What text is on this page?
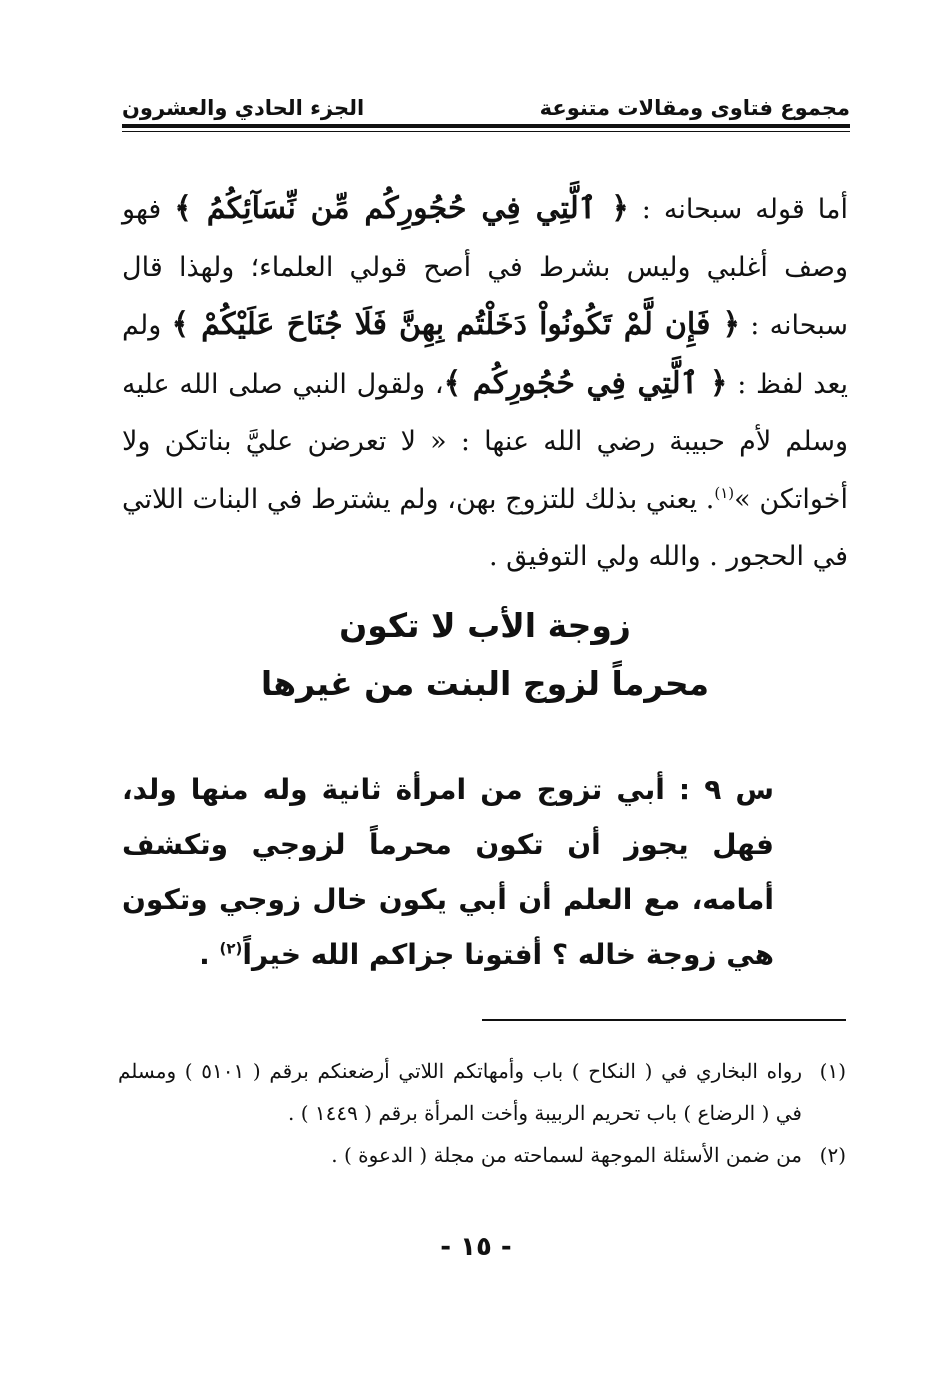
مجموع فتاوى ومقالات متنوعة
الجزء الحادي والعشرون

أما قوله سبحانه : ﴿ ٱلَّتِي فِي حُجُورِكُم مِّن نِّسَآئِكُمُ ﴾ فهو وصف أغلبي وليس بشرط في أصح قولي العلماء؛ ولهذا قال سبحانه : ﴿ فَإِن لَّمْ تَكُونُواْ دَخَلْتُم بِهِنَّ فَلَا جُنَاحَ عَلَيْكُمْ ﴾ ولم يعد لفظ : ﴿ ٱلَّتِي فِي حُجُورِكُم ﴾، ولقول النبي صلى الله عليه وسلم لأم حبيبة رضي الله عنها : « لا تعرضن عليَّ بناتكن ولا أخواتكن »$^{(١)}$. يعني بذلك للتزوج بهن، ولم يشترط في البنات اللاتي في الحجور . والله ولي التوفيق .

زوجة الأب لا تكون
محرماً لزوج البنت من غيرها

س ٩ : أبي تزوج من امرأة ثانية وله منها ولد، فهل يجوز أن تكون محرماً لزوجي وتكشف أمامه، مع العلم أن أبي يكون خال زوجي وتكون هي زوجة خاله ؟ أفتونا جزاكم الله خيراً$^{(٢)}$ .

(١)
رواه البخاري في ( النكاح ) باب وأمهاتكم اللاتي أرضعنكم برقم ( ٥١٠١ ) ومسلم في ( الرضاع ) باب تحريم الربيبة وأخت المرأة برقم ( ١٤٤٩ ) .
(٢)
من ضمن الأسئلة الموجهة لسماحته من مجلة ( الدعوة ) .
- ١٥ -
